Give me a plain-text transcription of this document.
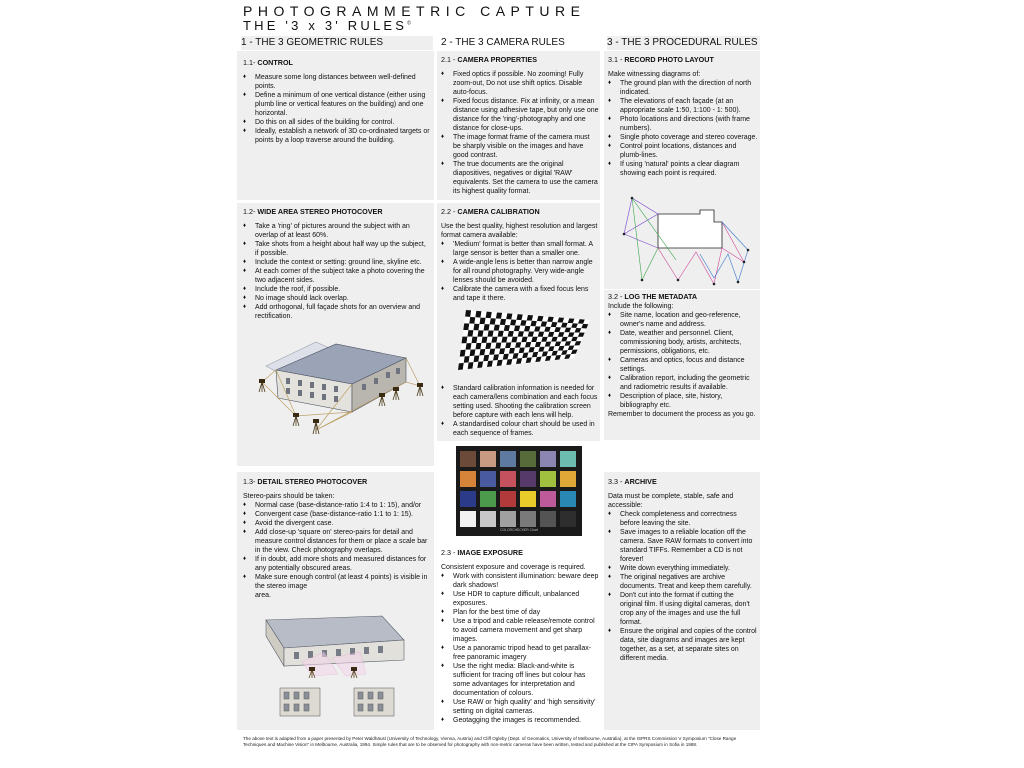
PHOTOGRAMMETRIC CAPTURE
THE '3 x 3' RULES©
1 - THE 3 GEOMETRIC RULES	2 - THE 3 CAMERA RULES	3 - THE 3 PROCEDURAL RULES
1.1- CONTROL
♦ Measure some long distances between well-defined points.
♦ Define a minimum of one vertical distance (either using plumb line or vertical features on the building) and one horizontal.
♦ Do this on all sides of the building for control.
♦ Ideally, establish a network of 3D co-ordinated targets or points by a loop traverse around the building.
1.2- WIDE AREA STEREO PHOTOCOVER
♦ Take a 'ring' of pictures around the subject with an overlap of at least 60%.
♦ Take shots from a height about half way up the subject, if possible.
♦ Include the context or setting: ground line, skyline etc.
♦ At each corner of the subject take a photo covering the two adjacent sides.
♦ Include the roof, if possible.
♦ No image should lack overlap.
♦ Add orthogonal, full façade shots for an overview and rectification.
1.3- DETAIL STEREO PHOTOCOVER

Stereo-pairs should be taken:

♦ Normal case (base-distance-ratio 1:4 to 1: 15), and/or
♦ Convergent case (base-distance-ratio 1:1 to 1: 15).
♦ Avoid the divergent case.
♦ Add close-up 'square on' stereo-pairs for detail and measure control distances for them or place a scale bar in the view. Check photography overlaps.
♦ If in doubt, add more shots and measured distances for any potentially obscured areas.
♦ Make sure enough control (at least 4 points) is visible in the stereo image

area.

2.1 - CAMERA PROPERTIES
♦ Fixed optics if possible. No zooming! Fully zoom-out, Do not use shift optics. Disable auto-focus.
♦ Fixed focus distance. Fix at infinity, or a mean distance using adhesive tape, but only use one distance for the 'ring'-photography and one distance for close-ups.
♦ The image format frame of the camera must be sharply visible on the images and have good contrast.
♦ The true documents are the original diapositives, negatives or digital 'RAW' equivalents. Set the camera to use the camera its highest quality format.
2.2 - CAMERA CALIBRATION

Use the best quality, highest resolution and largest format camera available:

♦ 'Medium' format is better than small format. A large sensor is better than a smaller one.
♦ A wide-angle lens is better than narrow angle for all round photography. Very wide-angle lenses should be avoided.
♦ Calibrate the camera with a fixed focus lens and tape it there.
♦ Standard calibration information is needed for each camera/lens combination and each focus setting used. Shooting the calibration screen before capture with each lens will help.
♦ A standardised colour chart should be used in each sequence of frames.
COLORCHECKER Chart
2.3 - IMAGE EXPOSURE

Consistent exposure and coverage is required.

♦ Work with consistent illumination: beware deep dark shadows!
♦ Use HDR to capture difficult, unbalanced exposures.
♦ Plan for the best time of day
♦ Use a tripod and cable release/remote control to avoid camera movement and get sharp images.
♦ Use a panoramic tripod head to get parallax-free panoramic imagery
♦ Use the right media: Black-and-white is sufficient for tracing off lines but colour has some advantages for interpretation and documentation of colours.
♦ Use RAW or 'high quality' and 'high sensitivity' setting on digital cameras.
♦ Geotagging the images is recommended.
3.1 - RECORD PHOTO LAYOUT

Make witnessing diagrams of:

♦ The ground plan with the direction of north indicated.
♦ The elevations of each façade (at an appropriate scale 1:50, 1:100 - 1: 500).
♦ Photo locations and directions (with frame numbers).
♦ Single photo coverage and stereo coverage.
♦ Control point locations, distances and plumb-lines.
♦ If using 'natural' points a clear diagram showing each point is required.
3.2 - LOG THE METADATA

Include the following:

♦ Site name, location and geo-reference, owner's name and address.
♦ Date, weather and personnel. Client, commissioning body, artists, architects, permissions, obligations, etc.
♦ Cameras and optics, focus and distance settings.
♦ Calibration report, including the geometric and radiometric results if available.
♦ Description of place, site, history, bibliography etc.

Remember to document the process as you go.

3.3 - ARCHIVE

Data must be complete, stable, safe and accessible:

♦ Check completeness and correctness before leaving the site.
♦ Save images to a reliable location off the camera. Save RAW formats to convert into standard TIFFs. Remember a CD is not forever!
♦ Write down everything immediately.
♦ The original negatives are archive documents. Treat and keep them carefully.
♦ Don't cut into the format if cutting the original film. If using digital cameras, don't crop any of the images and use the full format.
♦ Ensure the original and copies of the control data, site diagrams and images are kept together, as a set, at separate sites on different media.
The above text is adapted from a paper presented by Peter Waldhäusl (University of Technology, Vienna, Austria) and Cliff Ogleby (Dept. of Geomatics, University of Melbourne, Australia), at the ISPRS Commission V Symposium "Close Range Techniques and Machine Vision" in Melbourne, Australia, 1994. Simple rules that are to be observed for photography with non-metric cameras have been written, tested and published at the CIPA Symposium in Sofia in 1988.
